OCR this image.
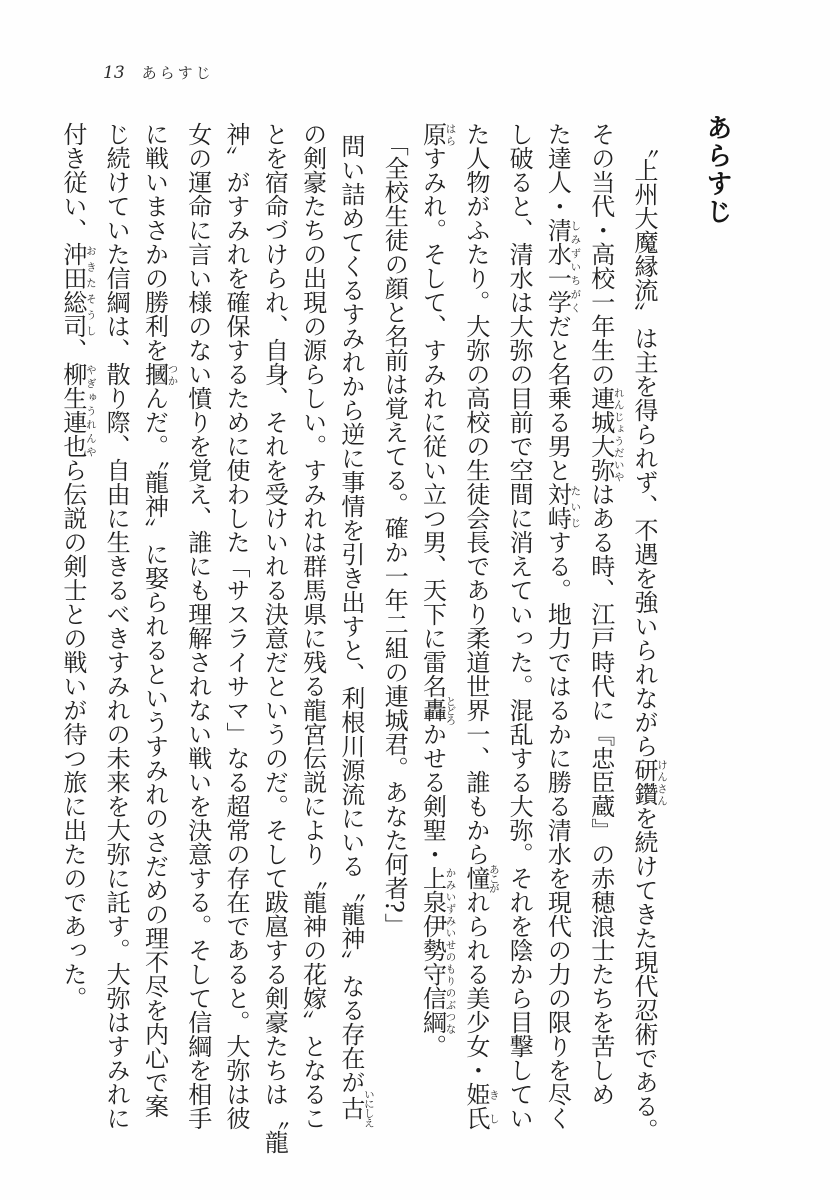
13 あらすじ
あらすじ
〝上州大魔縁流〟は主を得られず、不遇を強いられながら研鑽けんさんを続けてきた現代忍術である。
その当代・高校一年生の連城大弥れんじょうだいやはある時、江戸時代に『忠臣蔵』の赤穂浪士たちを苦しめ
た達人・清水一学しみずいちがくだと名乗る男と対峙たいじする。地力ではるかに勝る清水を現代の力の限りを尽く
し破ると、清水は大弥の目前で空間に消えていった。混乱する大弥。それを陰から目撃してい
た人物がふたり。大弥の高校の生徒会長であり柔道世界一、誰もから憧あこがれられる美少女・姫氏きし
原はらすみれ。そして、すみれに従い立つ男、天下に雷名轟とどろかせる剣聖・上泉伊勢守信綱かみいずみいせのもりのぶつな。
「全校生徒の顔と名前は覚えてる。確か一年二組の連城君。あなた何者?」
問い詰めてくるすみれから逆に事情を引き出すと、利根川源流にいる〝龍神〟なる存在が古いにしえ
の剣豪たちの出現の源らしい。すみれは群馬県に残る龍宮伝説により〝龍神の花嫁〟となるこ
とを宿命づけられ、自身、それを受けいれる決意だというのだ。そして跋扈する剣豪たちは〝龍
神〟がすみれを確保するために使わした「サスライサマ」なる超常の存在であると。大弥は彼
女の運命に言い様のない憤りを覚え、誰にも理解されない戦いを決意する。そして信綱を相手
に戦いまさかの勝利を摑つかんだ。〝龍神〟に娶られるというすみれのさだめの理不尽を内心で案
じ続けていた信綱は、散り際、自由に生きるべきすみれの未来を大弥に託す。大弥はすみれに
付き従い、沖田総司おきたそうし、柳生連也やぎゅうれんやら伝説の剣士との戦いが待つ旅に出たのであった。
